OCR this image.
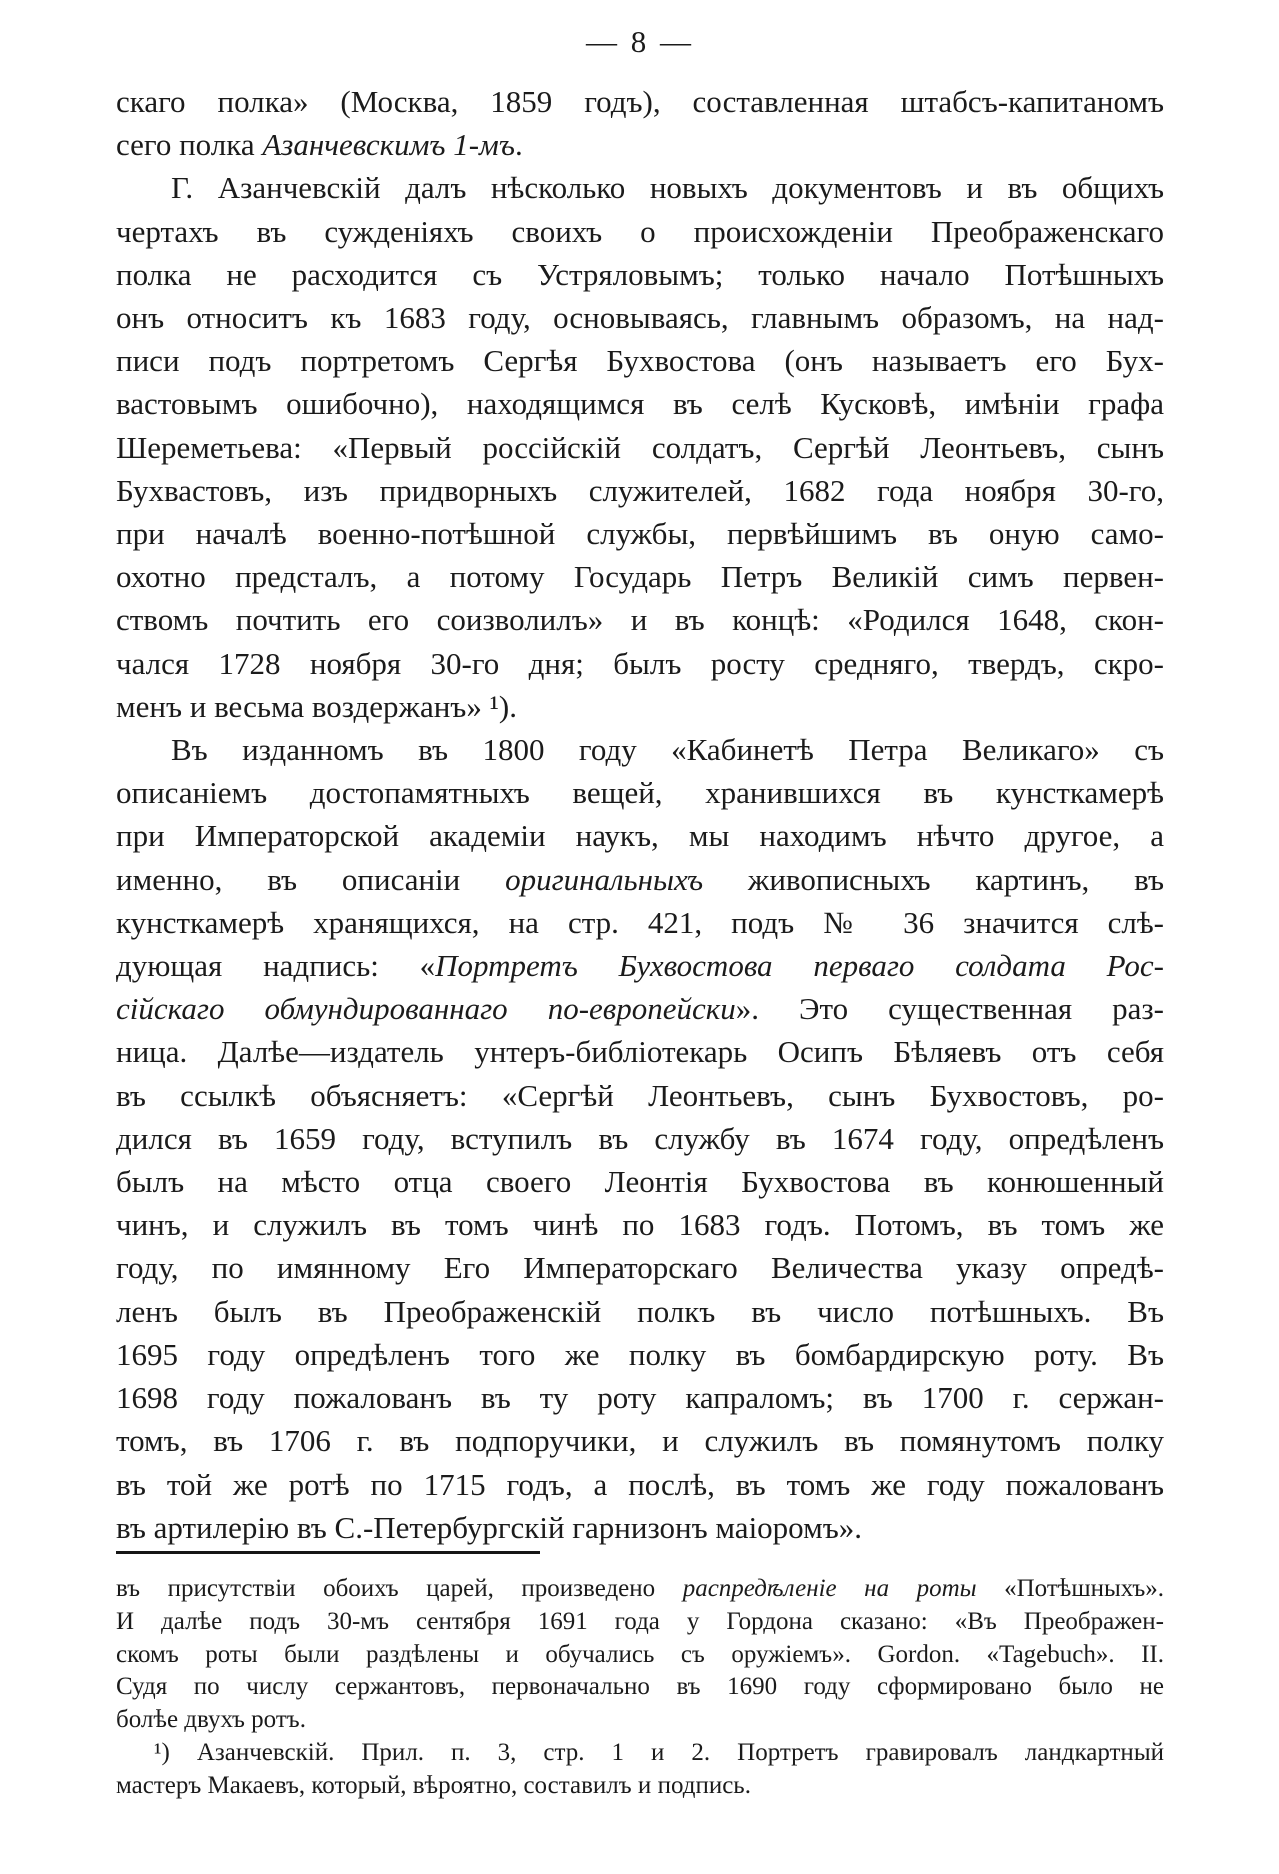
— 8 —
скаго полка» (Москва, 1859 годъ), составленная штабсъ-капитаномъ
сего полка Азанчевскимъ 1-мъ.
Г. Азанчевскій далъ нѣсколько новыхъ документовъ и въ общихъ
чертахъ въ сужденіяхъ своихъ о происхожденіи Преображенскаго
полка не расходится съ Устряловымъ; только начало Потѣшныхъ
онъ относитъ къ 1683 году, основываясь, главнымъ образомъ, на над-
писи подъ портретомъ Сергѣя Бухвостова (онъ называетъ его Бух-
вастовымъ ошибочно), находящимся въ селѣ Кусковѣ, имѣніи графа
Шереметьева: «Первый россійскій солдатъ, Сергѣй Леонтьевъ, сынъ
Бухвастовъ, изъ придворныхъ служителей, 1682 года ноября 30-го,
при началѣ военно-потѣшной службы, первѣйшимъ въ оную само-
охотно предсталъ, а потому Государь Петръ Великій симъ первен-
ствомъ почтить его соизволилъ» и въ концѣ: «Родился 1648, скон-
чался 1728 ноября 30-го дня; былъ росту средняго, твердъ, скро-
менъ и весьма воздержанъ» ¹).
Въ изданномъ въ 1800 году «Кабинетѣ Петра Великаго» съ
описаніемъ достопамятныхъ вещей, хранившихся въ кунсткамерѣ
при Императорской академіи наукъ, мы находимъ нѣчто другое, а
именно, въ описаніи оригинальныхъ живописныхъ картинъ, въ
кунсткамерѣ хранящихся, на стр. 421, подъ № 36 значится слѣ-
дующая надпись: «Портретъ Бухвостова перваго солдата Рос-
сійскаго обмундированнаго по-европейски». Это существенная раз-
ница. Далѣе—издатель унтеръ-библіотекарь Осипъ Бѣляевъ отъ себя
въ ссылкѣ объясняетъ: «Сергѣй Леонтьевъ, сынъ Бухвостовъ, ро-
дился въ 1659 году, вступилъ въ службу въ 1674 году, опредѣленъ
былъ на мѣсто отца своего Леонтія Бухвостова въ конюшенный
чинъ, и служилъ въ томъ чинѣ по 1683 годъ. Потомъ, въ томъ же
году, по имянному Его Императорскаго Величества указу опредѣ-
ленъ былъ въ Преображенскій полкъ въ число потѣшныхъ. Въ
1695 году опредѣленъ того же полку въ бомбардирскую роту. Въ
1698 году пожалованъ въ ту роту капраломъ; въ 1700 г. сержан-
томъ, въ 1706 г. въ подпоручики, и служилъ въ помянутомъ полку
въ той же ротѣ по 1715 годъ, а послѣ, въ томъ же году пожалованъ
въ артилерію въ С.-Петербургскій гарнизонъ маіоромъ».
въ присутствіи обоихъ царей, произведено распредѣленіе на роты «Потѣшныхъ».
И далѣе подъ 30-мъ сентября 1691 года у Гордона сказано: «Въ Преображен-
скомъ роты были раздѣлены и обучались съ оружіемъ». Gordon. «Tagebuch». II.
Судя по числу сержантовъ, первоначально въ 1690 году сформировано было не
болѣе двухъ ротъ.
¹) Азанчевскій. Прил. п. 3, стр. 1 и 2. Портретъ гравировалъ ландкартный
мастеръ Макаевъ, который, вѣроятно, составилъ и подпись.
